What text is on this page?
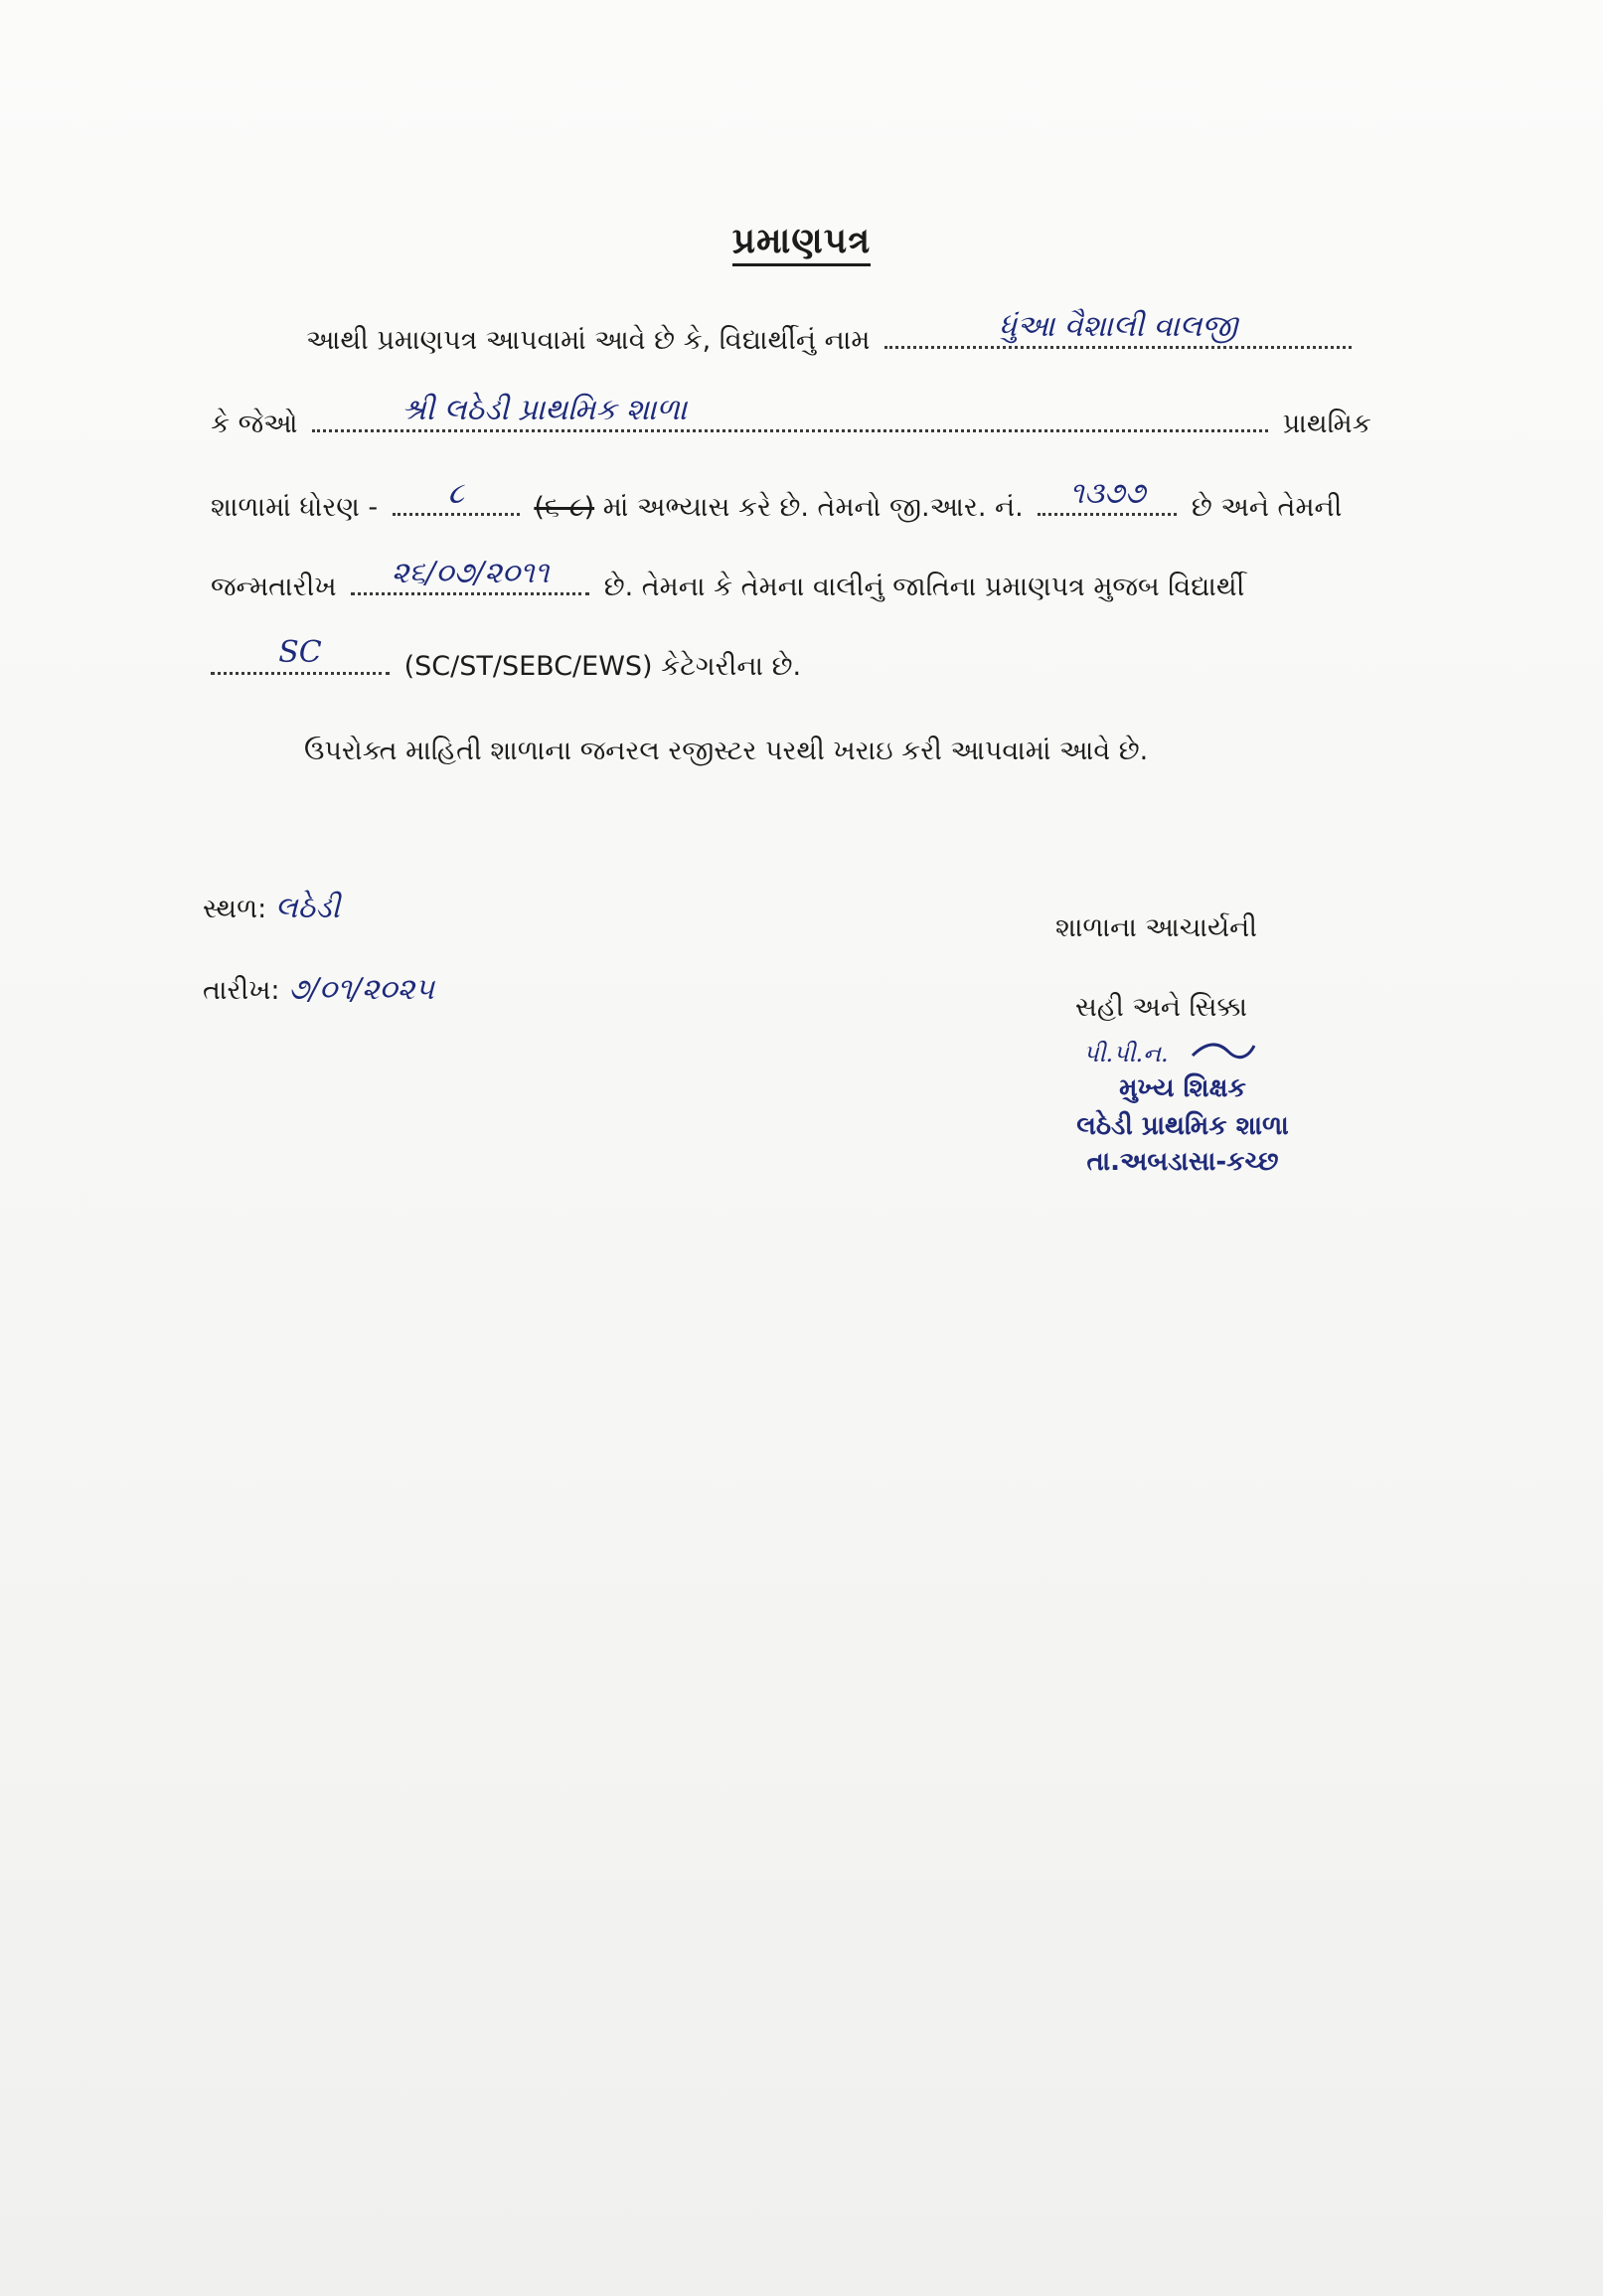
પ્રમાણપત્ર
આથી પ્રમાણપત્ર આપવામાં આવે છે કે, વિદ્યાર્થીનું નામ	ધુંઆ વૈશાલી વાલજી
કે જેઓ	શ્રી લઠેડી પ્રાથમિક શાળા	પ્રાથમિક
શાળામાં ધોરણ -	૮	(૬-૮) માં અભ્યાસ કરે છે. તેમનો જી.આર. નં.	૧૩૭૭	છે અને તેમની
જન્મતારીખ	૨૬/૦૭/૨૦૧૧	છે. તેમના કે તેમના વાલીનું જાતિના પ્રમાણપત્ર મુજબ વિદ્યાર્થી
SC	(SC/ST/SEBC/EWS) કેટેગરીના છે.
ઉપરોક્ત માહિતી શાળાના જનરલ રજીસ્ટર પરથી ખરાઇ કરી આપવામાં આવે છે.
સ્થળ: લઠેડી
તારીખ: ૭/૦૧/૨૦૨૫
શાળાના આચાર્યની
સહી અને સિક્કા
પી.પી.ન.
મુખ્ય શિક્ષક
લઠેડી પ્રાથમિક શાળા
તા.અબડાસા-કચ્છ
